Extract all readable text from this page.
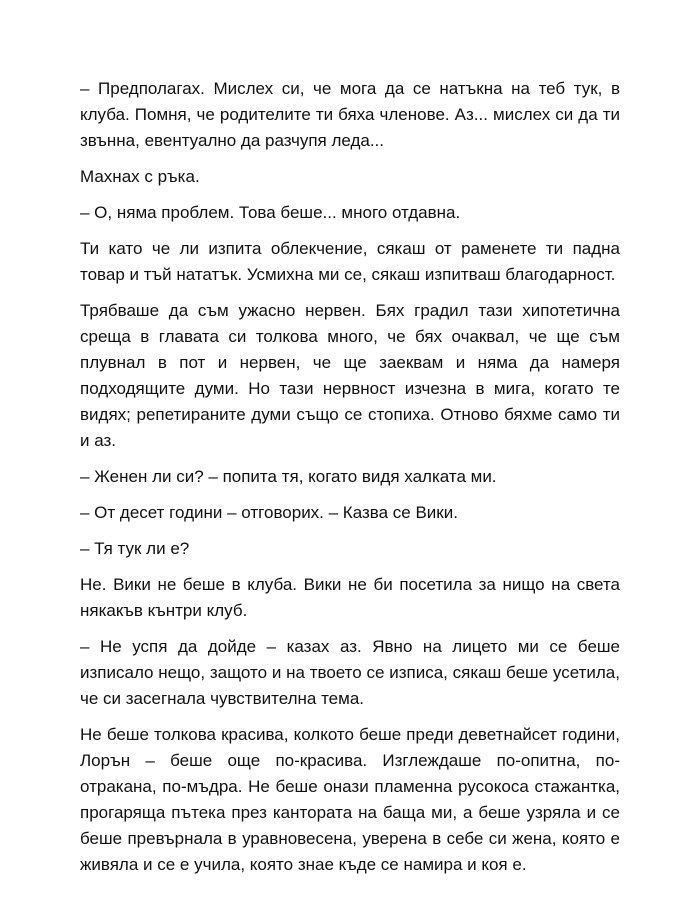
– Предполагах. Мислех си, че мога да се натъкна на теб тук, в клуба. Помня, че родителите ти бяха членове. Аз... мислех си да ти звънна, евентуално да разчупя леда...

Махнах с ръка.

– О, няма проблем. Това беше... много отдавна.

Ти като че ли изпита облекчение, сякаш от раменете ти падна товар и тъй нататък. Усмихна ми се, сякаш изпитваш благодарност.

Трябваше да съм ужасно нервен. Бях градил тази хипотетична среща в главата си толкова много, че бях очаквал, че ще съм плувнал в пот и нервен, че ще заеквам и няма да намеря подходящите думи. Но тази нервност изчезна в мига, когато те видях; репетираните думи също се стопиха. Отново бяхме само ти и аз.

– Женен ли си? – попита тя, когато видя халката ми.

– От десет години – отговорих. – Казва се Вики.

– Тя тук ли е?

Не. Вики не беше в клуба. Вики не би посетила за нищо на света някакъв кънтри клуб.

– Не успя да дойде – казах аз. Явно на лицето ми се беше изписало нещо, защото и на твоето се изписа, сякаш беше усетила, че си засегнала чувствителна тема.

Не беше толкова красива, колкото беше преди деветнайсет години, Лорън – беше още по-красива. Изглеждаше по-опитна, по-отракана, по-мъдра. Не беше онази пламенна русокоса стажантка, прогаряща пътека през кантората на баща ми, а беше узряла и се беше превърнала в уравновесена, уверена в себе си жена, която е живяла и се е учила, която знае къде се намира и коя е.
